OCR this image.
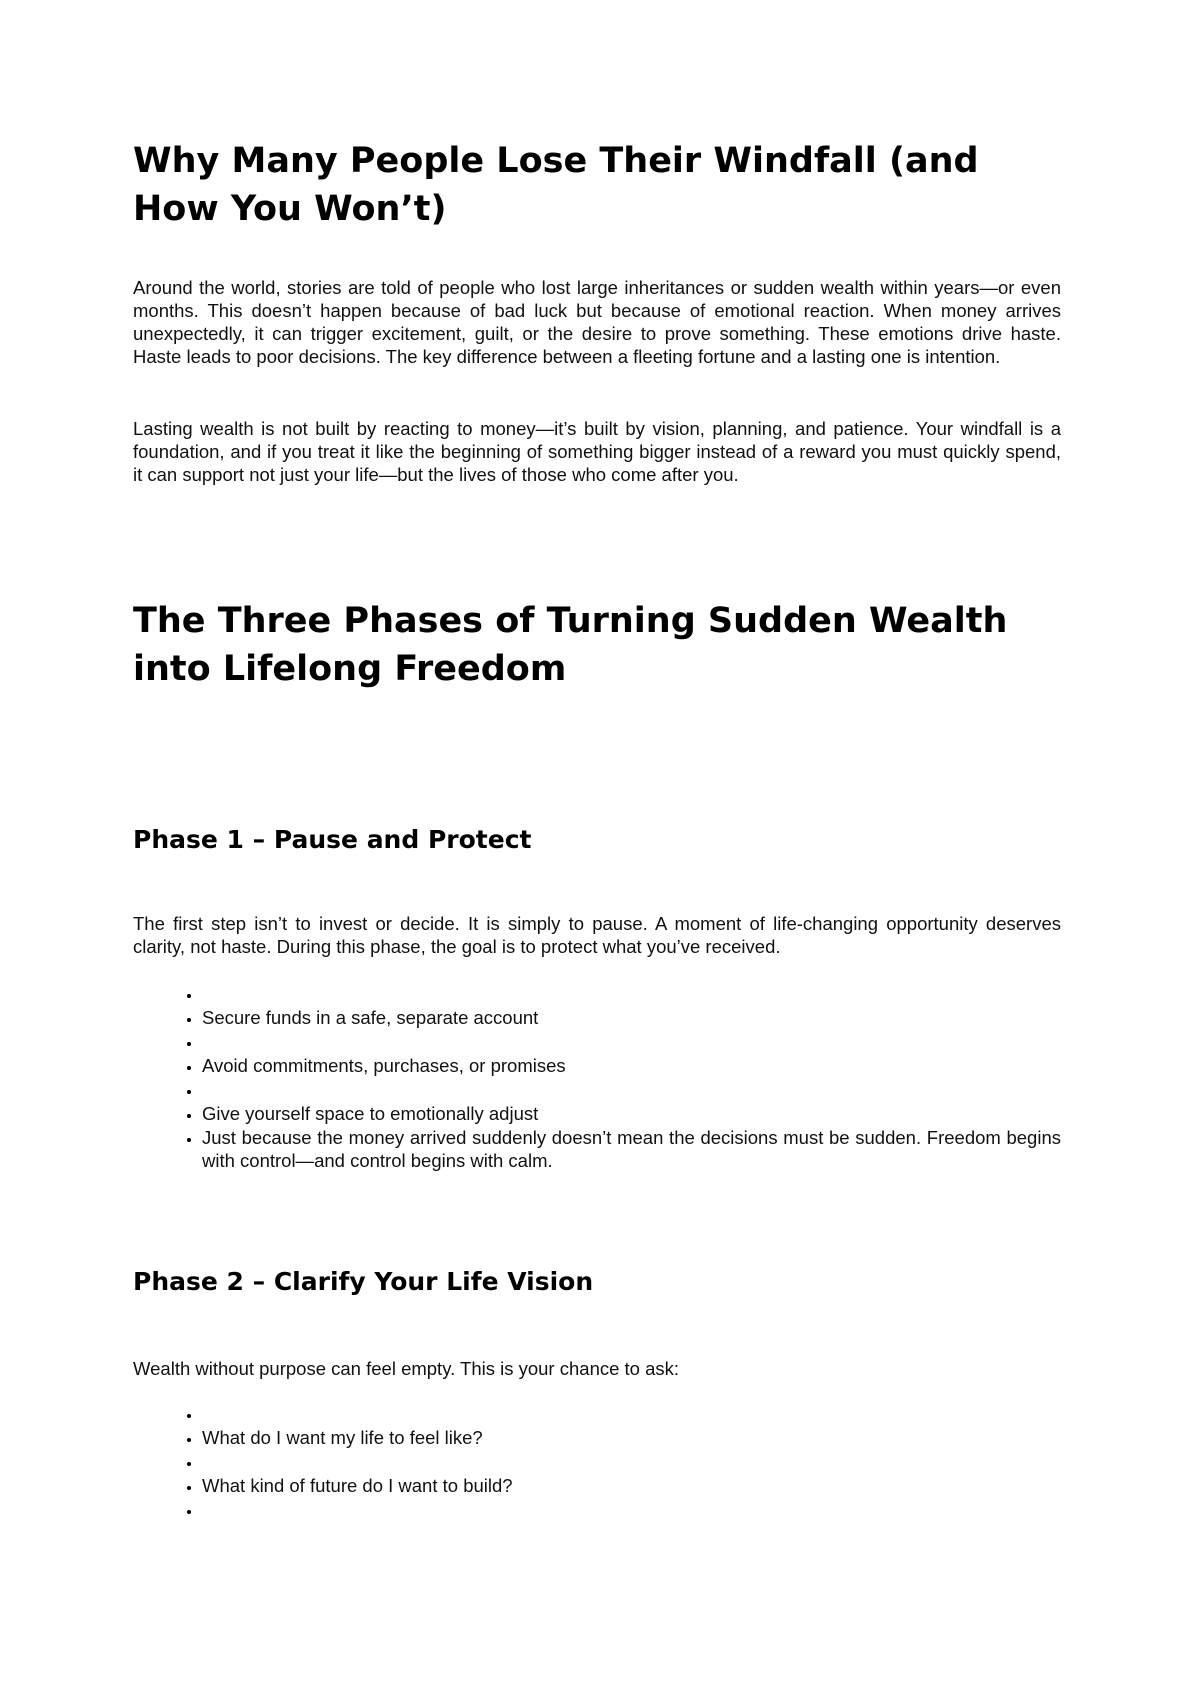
Why Many People Lose Their Windfall (and How You Won’t)

Around the world, stories are told of people who lost large inheritances or sudden wealth within years—or even months. This doesn’t happen because of bad luck but because of emotional reaction. When money arrives unexpectedly, it can trigger excitement, guilt, or the desire to prove something. These emotions drive haste. Haste leads to poor decisions. The key difference between a fleeting fortune and a lasting one is intention.

Lasting wealth is not built by reacting to money—it’s built by vision, planning, and patience. Your windfall is a foundation, and if you treat it like the beginning of something bigger instead of a reward you must quickly spend, it can support not just your life—but the lives of those who come after you.

The Three Phases of Turning Sudden Wealth into Lifelong Freedom
Phase 1 – Pause and Protect

The first step isn’t to invest or decide. It is simply to pause. A moment of life-changing opportunity deserves clarity, not haste. During this phase, the goal is to protect what you’ve received.

•
• Secure funds in a safe, separate account
•
• Avoid commitments, purchases, or promises
•
• Give yourself space to emotionally adjust
• Just because the money arrived suddenly doesn’t mean the decisions must be sudden. Freedom begins with control—and control begins with calm.
Phase 2 – Clarify Your Life Vision

Wealth without purpose can feel empty. This is your chance to ask:

•
• What do I want my life to feel like?
•
• What kind of future do I want to build?
•
